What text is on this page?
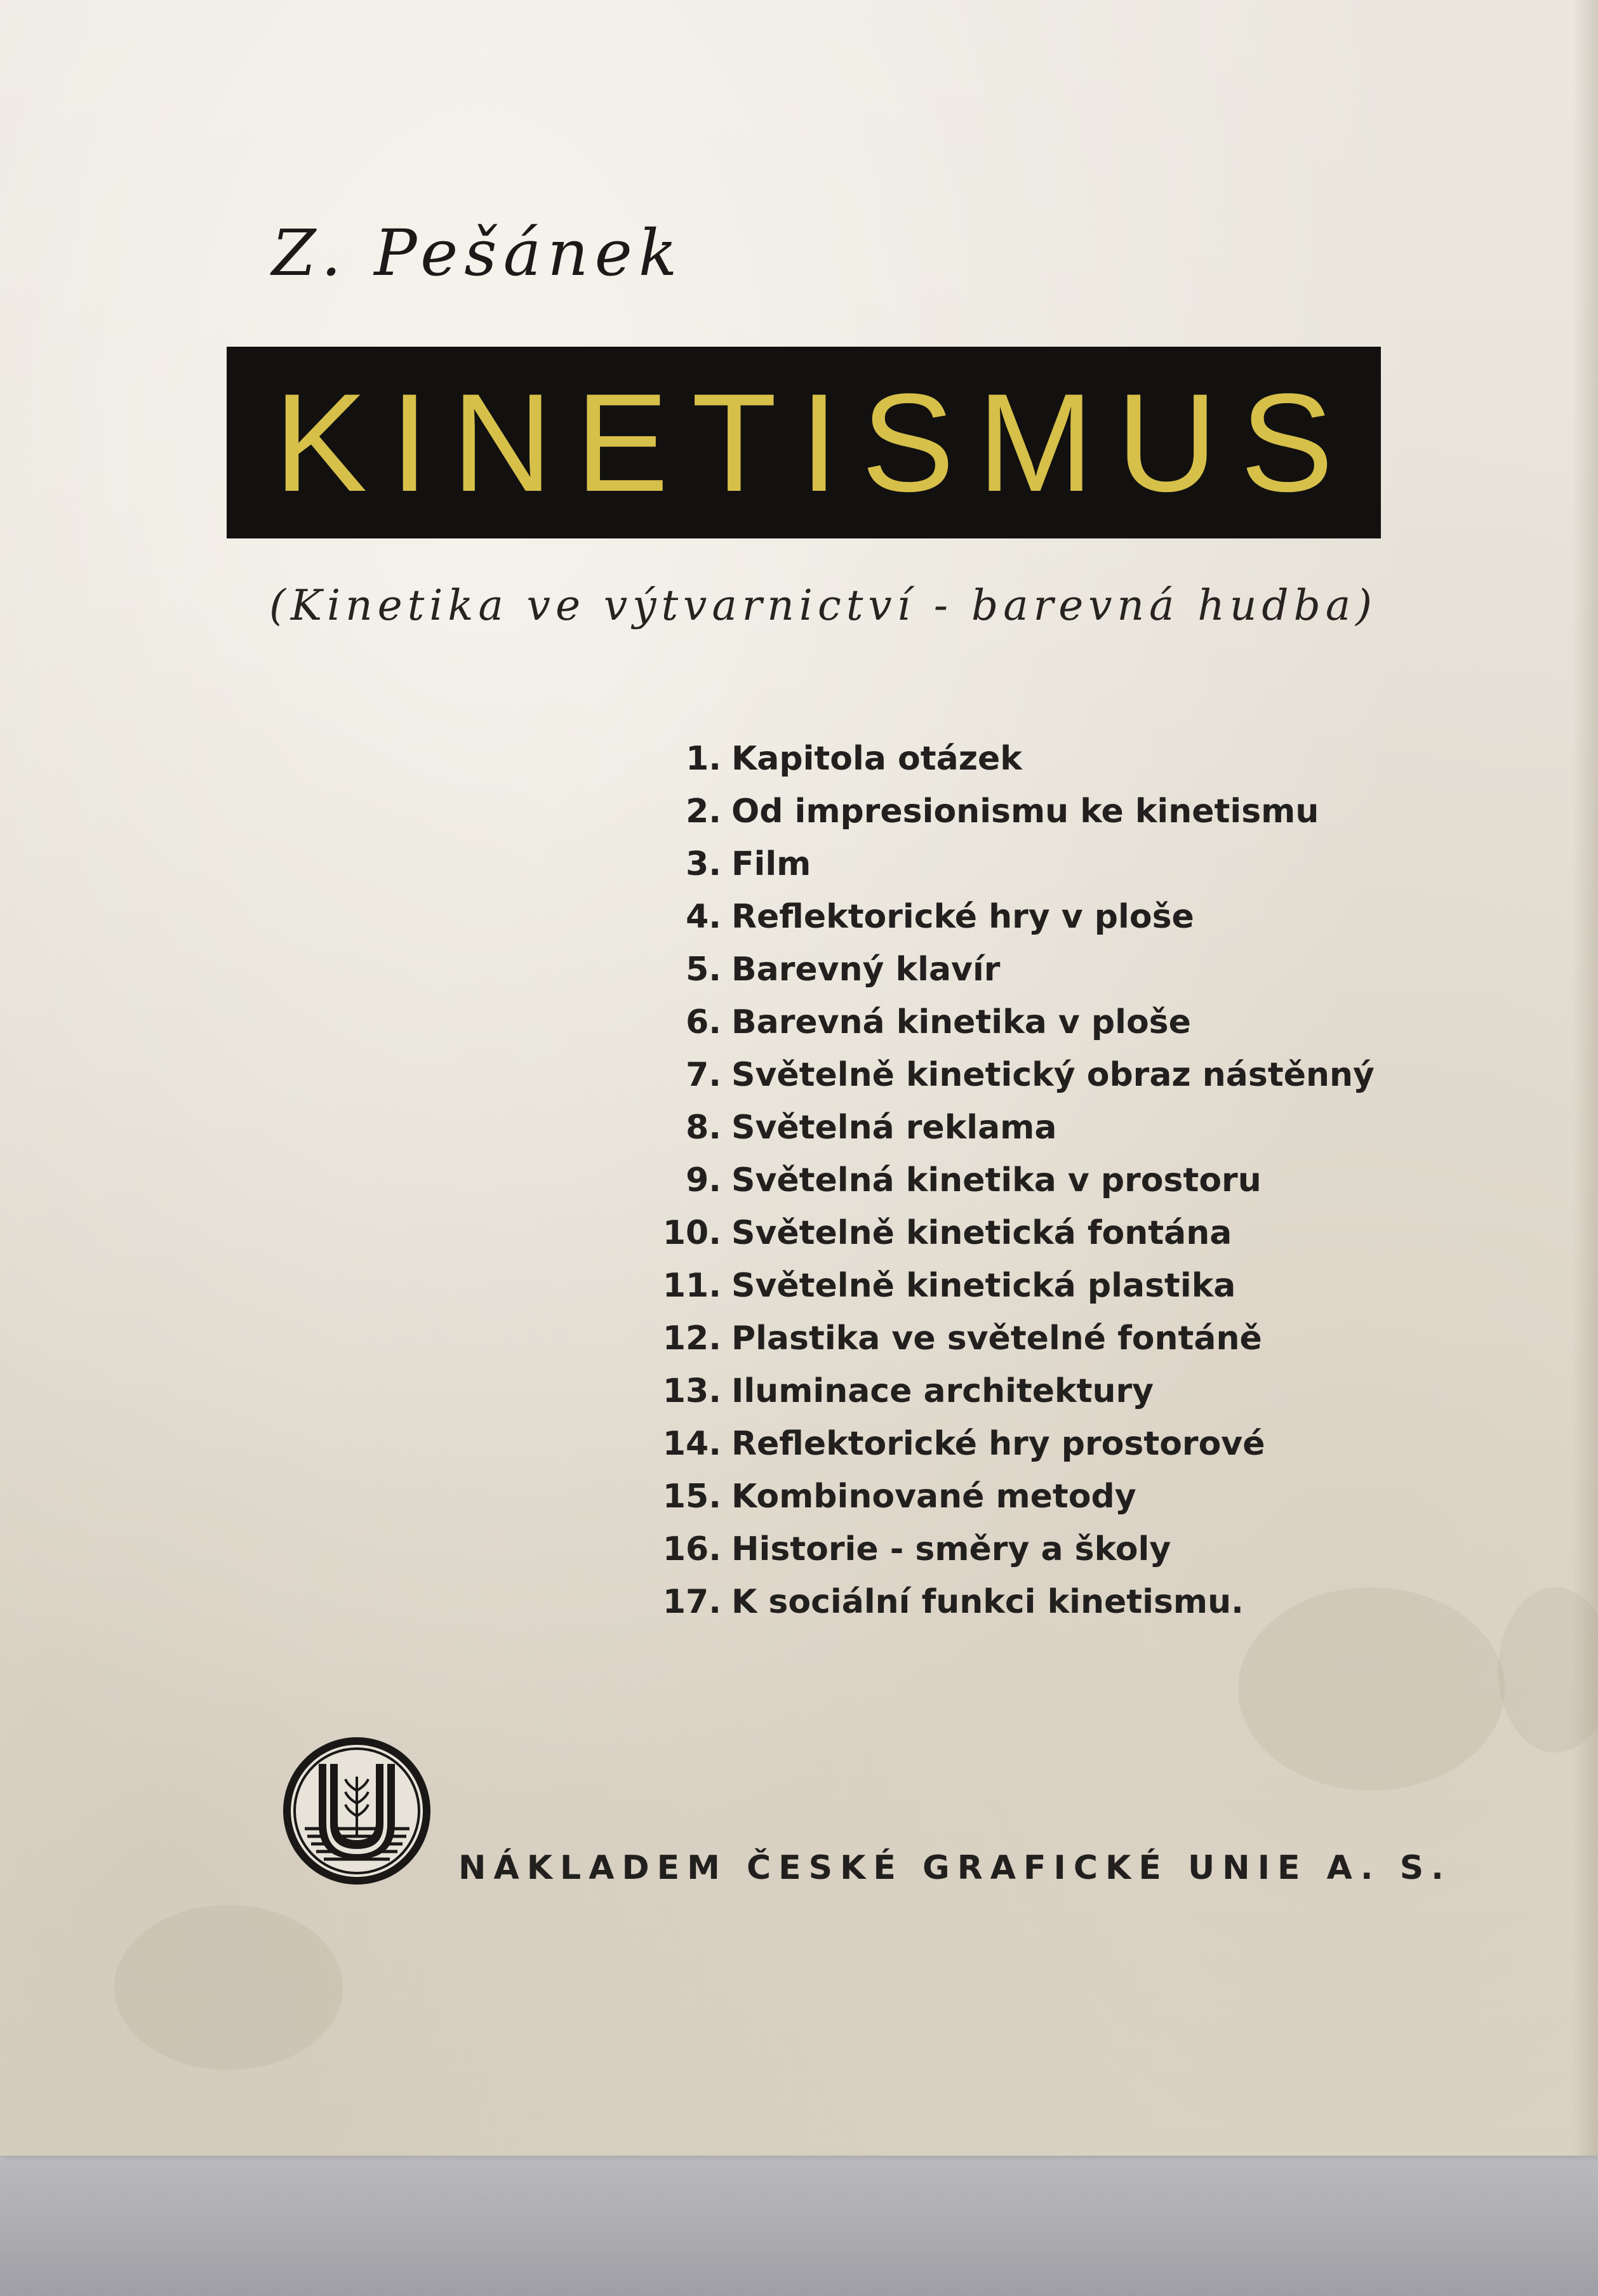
Z. Pešánek
KINETISMUS

(Kinetika ve výtvarnictví - barevná hudba)

1. Kapitola otázek
2. Od impresionismu ke kinetismu
3. Film
4. Reflektorické hry v ploše
5. Barevný klavír
6. Barevná kinetika v ploše
7. Světelně kinetický obraz nástěnný
8. Světelná reklama
9. Světelná kinetika v prostoru
10. Světelně kinetická fontána
11. Světelně kinetická plastika
12. Plastika ve světelné fontáně
13. Iluminace architektury
14. Reflektorické hry prostorové
15. Kombinované metody
16. Historie - směry a školy
17. K sociální funkci kinetismu.

NÁKLADEM ČESKÉ GRAFICKÉ UNIE A. S.
